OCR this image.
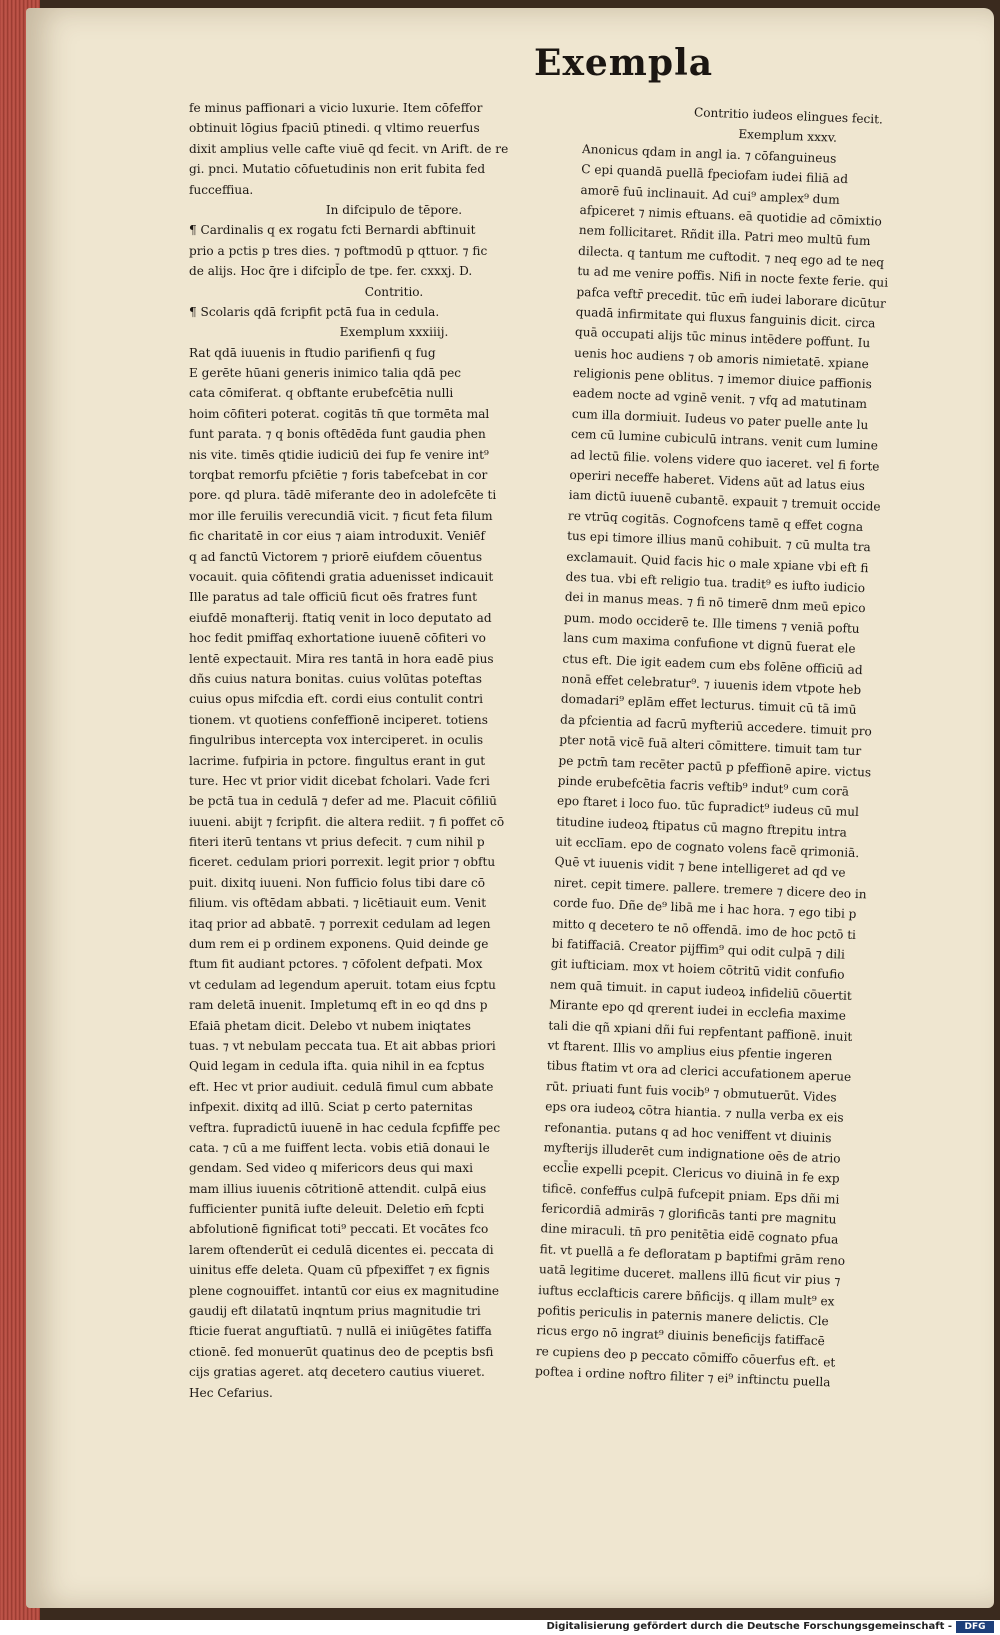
Exempla
fe minus paffionari a vicio luxurie. Item cōfeffor
obtinuit lōgius fpaciū ptinedi. q vltimo reuerfus
dixit amplius velle cafte viuē qd fecit. vn Arift. de re
gi. pnci. Mutatio cōfuetudinis non erit fubita fed
fucceffiua.
In difcipulo de tēpore.
¶ Cardinalis q ex rogatu fcti Bernardi abftinuit
prio a pctis p tres dies. ⁊ poftmodū p qttuor. ⁊ fic
de alijs. Hoc q̄re i difcipl̄o de tpe. fer. cxxxj. D.
Contritio.
¶ Scolaris qdā fcripfit pctā fua in cedula.
Exemplum xxxiiij.
Rat qdā iuuenis in ftudio parifienfi q fug
E gerēte hūani generis inimico talia qdā pec
cata cōmiferat. q obftante erubefcētia nulli
hoim cōfiteri poterat. cogitās tn̄ que tormēta mal
funt parata. ⁊ q bonis oftēdēda funt gaudia phen
nis vite. timēs qtidie iudiciū dei fup fe venire int⁹
torqbat remorfu pfciētie ⁊ foris tabefcebat in cor
pore. qd plura. tādē miferante deo in adolefcēte ti
mor ille feruilis verecundiā vicit. ⁊ ficut feta filum
fic charitatē in cor eius ⁊ aiam introduxit. Veniēf
q ad fanctū Victorem ⁊ priorē eiufdem cōuentus
vocauit. quia cōfitendi gratia aduenisset indicauit
Ille paratus ad tale officiū ficut oēs fratres funt
eiufdē monafterij. ftatiq venit in loco deputato ad
hoc fedit pmiffaq exhortatione iuuenē cōfiteri vo
lentē expectauit. Mira res tantā in hora eadē pius
dñs cuius natura bonitas. cuius volūtas poteftas
cuius opus mifcdia eft. cordi eius contulit contri
tionem. vt quotiens confeffionē inciperet. totiens
fingulribus intercepta vox interciperet. in oculis
lacrime. fufpiria in pctore. fingultus erant in gut
ture. Hec vt prior vidit dicebat fcholari. Vade fcri
be pctā tua in cedulā ⁊ defer ad me. Placuit cōfiliū
iuueni. abijt ⁊ fcripfit. die altera rediit. ⁊ fi poffet cō
fiteri iterū tentans vt prius defecit. ⁊ cum nihil p
ficeret. cedulam priori porrexit. legit prior ⁊ obftu
puit. dixitq iuueni. Non fufficio folus tibi dare cō
filium. vis oftēdam abbati. ⁊ licētiauit eum. Venit
itaq prior ad abbatē. ⁊ porrexit cedulam ad legen
dum rem ei p ordinem exponens. Quid deinde ge
ftum fit audiant pctores. ⁊ cōfolent defpati. Mox
vt cedulam ad legendum aperuit. totam eius fcptu
ram deletā inuenit. Impletumq eft in eo qd dns p
Efaiā phetam dicit. Delebo vt nubem iniqtates
tuas. ⁊ vt nebulam peccata tua. Et ait abbas priori
Quid legam in cedula ifta. quia nihil in ea fcptus
eft. Hec vt prior audiuit. cedulā fimul cum abbate
infpexit. dixitq ad illū. Sciat p certo paternitas
veftra. fupradictū iuuenē in hac cedula fcpfiffe pec
cata. ⁊ cū a me fuiffent lecta. vobis etiā donaui le
gendam. Sed video q mifericors deus qui maxi
mam illius iuuenis cōtritionē attendit. culpā eius
fufficienter punitā iufte deleuit. Deletio em̄ fcpti
abfolutionē fignificat toti⁹ peccati. Et vocātes fco
larem oftenderūt ei cedulā dicentes ei. peccata di
uinitus effe deleta. Quam cū pfpexiffet ⁊ ex fignis
plene cognouiffet. intantū cor eius ex magnitudine
gaudij eft dilatatū inqntum prius magnitudie tri
fticie fuerat anguftiatū. ⁊ nullā ei iniūgētes fatiffa
ctionē. fed monuerūt quatinus deo de pceptis bsfi
cijs gratias ageret. atq decetero cautius viueret.
Hec Cefarius.
Contritio iudeos elingues fecit.
Exemplum xxxv.
Anonicus qdam in angl ia. ⁊ cōfanguineus
C epi quandā puellā fpeciofam iudei filiā ad
amorē fuū inclinauit. Ad cui⁹ amplex⁹ dum
afpiceret ⁊ nimis eftuans. eā quotidie ad cōmixtio
nem follicitaret. Rñdit illa. Patri meo multū fum
dilecta. q tantum me cuftodit. ⁊ neq ego ad te neq
tu ad me venire poffis. Nifi in nocte fexte ferie. qui
pafca veftr̄ precedit. tūc em̄ iudei laborare dicūtur
quadā infirmitate qui fluxus fanguinis dicit. circa
quā occupati alijs tūc minus intēdere poffunt. Iu
uenis hoc audiens ⁊ ob amoris nimietatē. xpiane
religionis pene oblitus. ⁊ imemor diuice paffionis
eadem nocte ad vginē venit. ⁊ vfq ad matutinam
cum illa dormiuit. Iudeus vo pater puelle ante lu
cem cū lumine cubiculū intrans. venit cum lumine
ad lectū filie. volens videre quo iaceret. vel fi forte
operiri neceffe haberet. Videns aūt ad latus eius
iam dictū iuuenē cubantē. expauit ⁊ tremuit occide
re vtrūq cogitās. Cognofcens tamē q effet cogna
tus epi timore illius manū cohibuit. ⁊ cū multa tra
exclamauit. Quid facis hic o male xpiane vbi eft fi
des tua. vbi eft religio tua. tradit⁹ es iufto iudicio
dei in manus meas. ⁊ fi nō timerē dnm meū epico
pum. modo occiderē te. Ille timens ⁊ veniā poftu
lans cum maxima confufione vt dignū fuerat ele
ctus eft. Die igit eadem cum ebs folēne officiū ad
nonā effet celebratur⁹. ⁊ iuuenis idem vtpote heb
domadari⁹ eplām effet lecturus. timuit cū tā imū
da pfcientia ad facrū myfteriū accedere. timuit pro
pter notā vicē fuā alteri cōmittere. timuit tam tur
pe pctm̄ tam recēter pactū p pfeffionē apire. victus
pinde erubefcētia facris veftib⁹ indut⁹ cum corā
epo ftaret i loco fuo. tūc fupradict⁹ iudeus cū mul
titudine iudeoꝝ ftipatus cū magno ftrepitu intra
uit ecclīam. epo de cognato volens facē qrimoniā.
Quē vt iuuenis vidit ⁊ bene intelligeret ad qd ve
niret. cepit timere. pallere. tremere ⁊ dicere deo in
corde fuo. Dñe de⁹ libā me i hac hora. ⁊ ego tibi p
mitto q decetero te nō offendā. imo de hoc pctō ti
bi fatiffaciā. Creator pijffim⁹ qui odit culpā ⁊ dili
git iufticiam. mox vt hoiem cōtritū vidit confufio
nem quā timuit. in caput iudeoꝝ infideliū cōuertit
Mirante epo qd qrerent iudei in ecclefia maxime
tali die qñ xpiani dñi fui repfentant paffionē. inuit
vt ftarent. Illis vo amplius eius pfentie ingeren
tibus ftatim vt ora ad clerici accufationem aperue
rūt. priuati funt fuis vocib⁹ ⁊ obmutuerūt. Vides
eps ora iudeoꝝ cōtra hiantia. ⁊ nulla verba ex eis
refonantia. putans q ad hoc veniffent vt diuinis
myfterijs illuderēt cum indignatione oēs de atrio
eccl̄ie expelli pcepit. Clericus vo diuinā in fe exp
tificē. confeffus culpā fufcepit pniam. Eps dñi mi
fericordiā admirās ⁊ glorificās tanti pre magnitu
dine miraculi. tn̄ pro penitētia eidē cognato pfua
fit. vt puellā a fe defloratam p baptifmi grām reno
uatā legitime duceret. mallens illū ficut vir pius ⁊
iuftus ecclafticis carere bñficijs. q illam mult⁹ ex
pofitis periculis in paternis manere delictis. Cle
ricus ergo nō ingrat⁹ diuinis beneficijs fatiffacē
re cupiens deo p peccato cōmiffo cōuerfus eft. et
poftea i ordine noftro filiter ⁊ ei⁹ inftinctu puella
Digitalisierung gefördert durch die Deutsche Forschungsgemeinschaft -	DFG
